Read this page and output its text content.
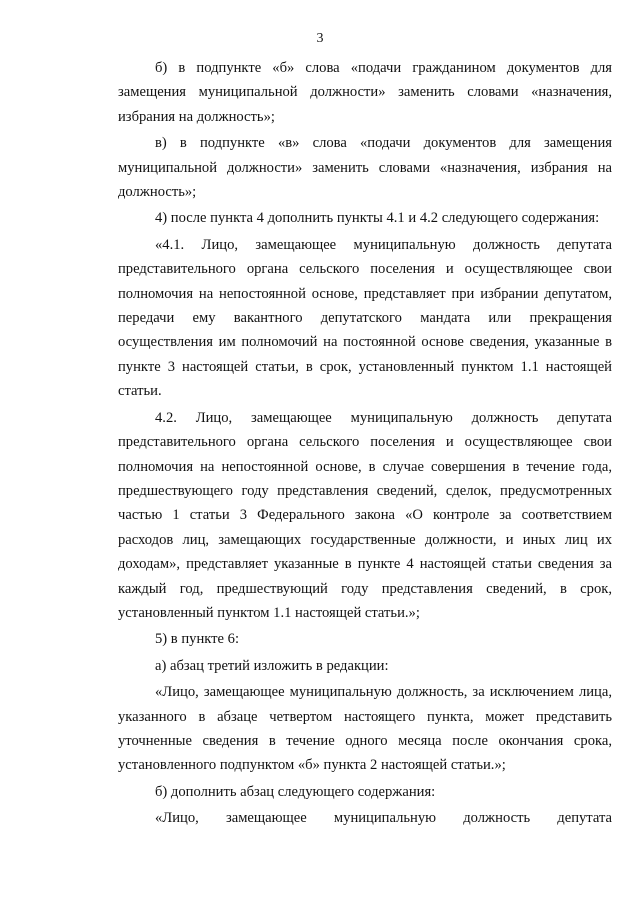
3

б) в подпункте «б» слова «подачи гражданином документов для замещения муниципальной должности» заменить словами «назначения, избрания на должность»;

в) в подпункте «в» слова «подачи документов для замещения муниципальной должности» заменить словами «назначения, избрания на должность»;

4) после пункта 4 дополнить пункты 4.1 и 4.2 следующего содержания:

«4.1. Лицо, замещающее муниципальную должность депутата представительного органа сельского поселения и осуществляющее свои полномочия на непостоянной основе, представляет при избрании депутатом, передачи ему вакантного депутатского мандата или прекращения осуществления им полномочий на постоянной основе сведения, указанные в пункте 3 настоящей статьи, в срок, установленный пунктом 1.1 настоящей статьи.

4.2. Лицо, замещающее муниципальную должность депутата представительного органа сельского поселения и осуществляющее свои полномочия на непостоянной основе, в случае совершения в течение года, предшествующего году представления сведений, сделок, предусмотренных частью 1 статьи 3 Федерального закона «О контроле за соответствием расходов лиц, замещающих государственные должности, и иных лиц их доходам», представляет указанные в пункте 4 настоящей статьи сведения за каждый год, предшествующий году представления сведений, в срок, установленный пунктом 1.1 настоящей статьи.»;

5) в пункте 6:

а) абзац третий изложить в редакции:

«Лицо, замещающее муниципальную должность, за исключением лица, указанного в абзаце четвертом настоящего пункта, может представить уточненные сведения в течение одного месяца после окончания срока, установленного подпунктом «б» пункта 2 настоящей статьи.»;

б) дополнить абзац следующего содержания:

«Лицо, замещающее муниципальную должность депутата
